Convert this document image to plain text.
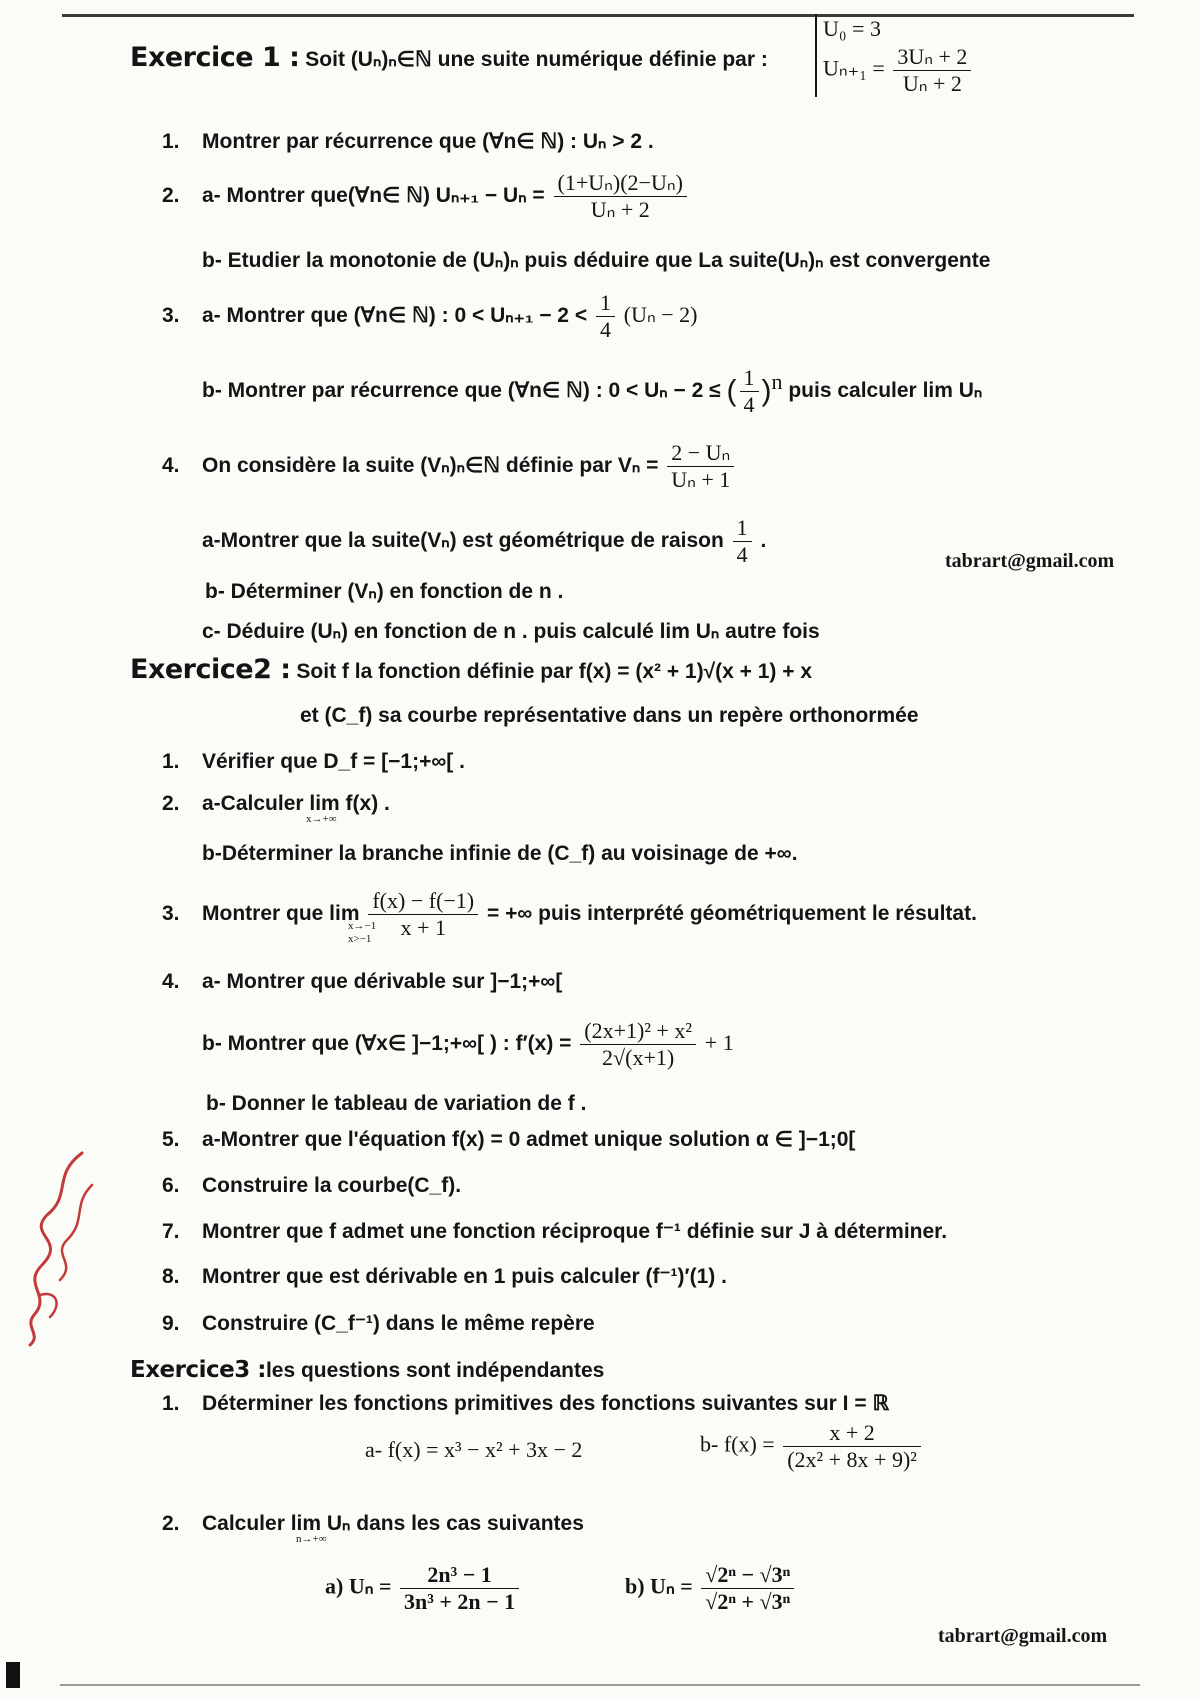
Exercice 1 : Soit (Uₙ)ₙ∈ℕ une suite numérique définie par :
U₀ = 3
$U_{n+1} = \frac{\text{3Uₙ + 2}}{\text{Uₙ + 2}}$
1. Montrer par récurrence que (∀n∈ ℕ) : Uₙ > 2 .
2. a- Montrer que(∀n∈ ℕ) $U_{n+1} - U_n = \frac{\text{(1+Uₙ)(2−Uₙ)}}{\text{Uₙ + 2}}$
b- Etudier la monotonie de (Uₙ)ₙ puis déduire que La suite(Uₙ)ₙ est convergente
3. a- Montrer que (∀n∈ ℕ) : $0 < U_{n+1} - 2 < \frac{1}{4} (U_n - 2)$
b- Montrer par récurrence que (∀n∈ ℕ) : 0 < Uₙ − 2 ≤ ( $\frac{1}{4} )^n$ puis calculer lim Uₙ
4. On considère la suite (Vₙ)ₙ∈ℕ définie par $V_n = \frac{\text{2 − Uₙ}}{\text{Uₙ + 1}}$
a-Montrer que la suite(Vₙ) est géométrique de raison $\frac{1}{4}$ .
tabrart@gmail.com
b- Déterminer (Vₙ) en fonction de n .
c- Déduire (Uₙ) en fonction de n . puis calculé lim Uₙ autre fois
Exercice2 : Soit f la fonction définie par f(x) = (x² + 1)√(x + 1) + x
et (C_f) sa courbe représentative dans un repère orthonormée
1. Vérifier que D_f = [−1;+∞[ .
2. a-Calculer lim f(x) .
x→+∞
b-Déterminer la branche infinie de (C_f) au voisinage de +∞.
3. Montrer que $\lim \frac{f(x) - f(-1)}{x + 1}$ = +∞ puis interprété géométriquement le résultat.
x→−1
x>−1
4. a- Montrer que dérivable sur ]−1;+∞[
b- Montrer que (∀x∈ ]−1;+∞[ ) : $f'(x) = \frac{\text{(2x+1)² + x²}}{2√(x+1)} + 1$
b- Donner le tableau de variation de f .
5. a-Montrer que l'équation f(x) = 0 admet unique solution α ∈ ]−1;0[
6. Construire la courbe(C_f).
7. Montrer que f admet une fonction réciproque f⁻¹ définie sur J à déterminer.
8. Montrer que est dérivable en 1 puis calculer (f⁻¹)′(1) .
9. Construire (C_f⁻¹) dans le même repère
Exercice3 :les questions sont indépendantes
1. Déterminer les fonctions primitives des fonctions suivantes sur I = ℝ
a- f(x) = x³ − x² + 3x − 2	b- $f(x) = \frac{x + 2}{\text{(2x² + 8x + 9)²}}$
2. Calculer lim Uₙ dans les cas suivantes
n→+∞
a) $U_n = \frac{\text{2n³ − 1}}{\text{3n³ + 2n − 1}}$	b) $U_n = \frac{\text{√2ⁿ − √3ⁿ}}{\text{√2ⁿ + √3ⁿ}}$
tabrart@gmail.com
